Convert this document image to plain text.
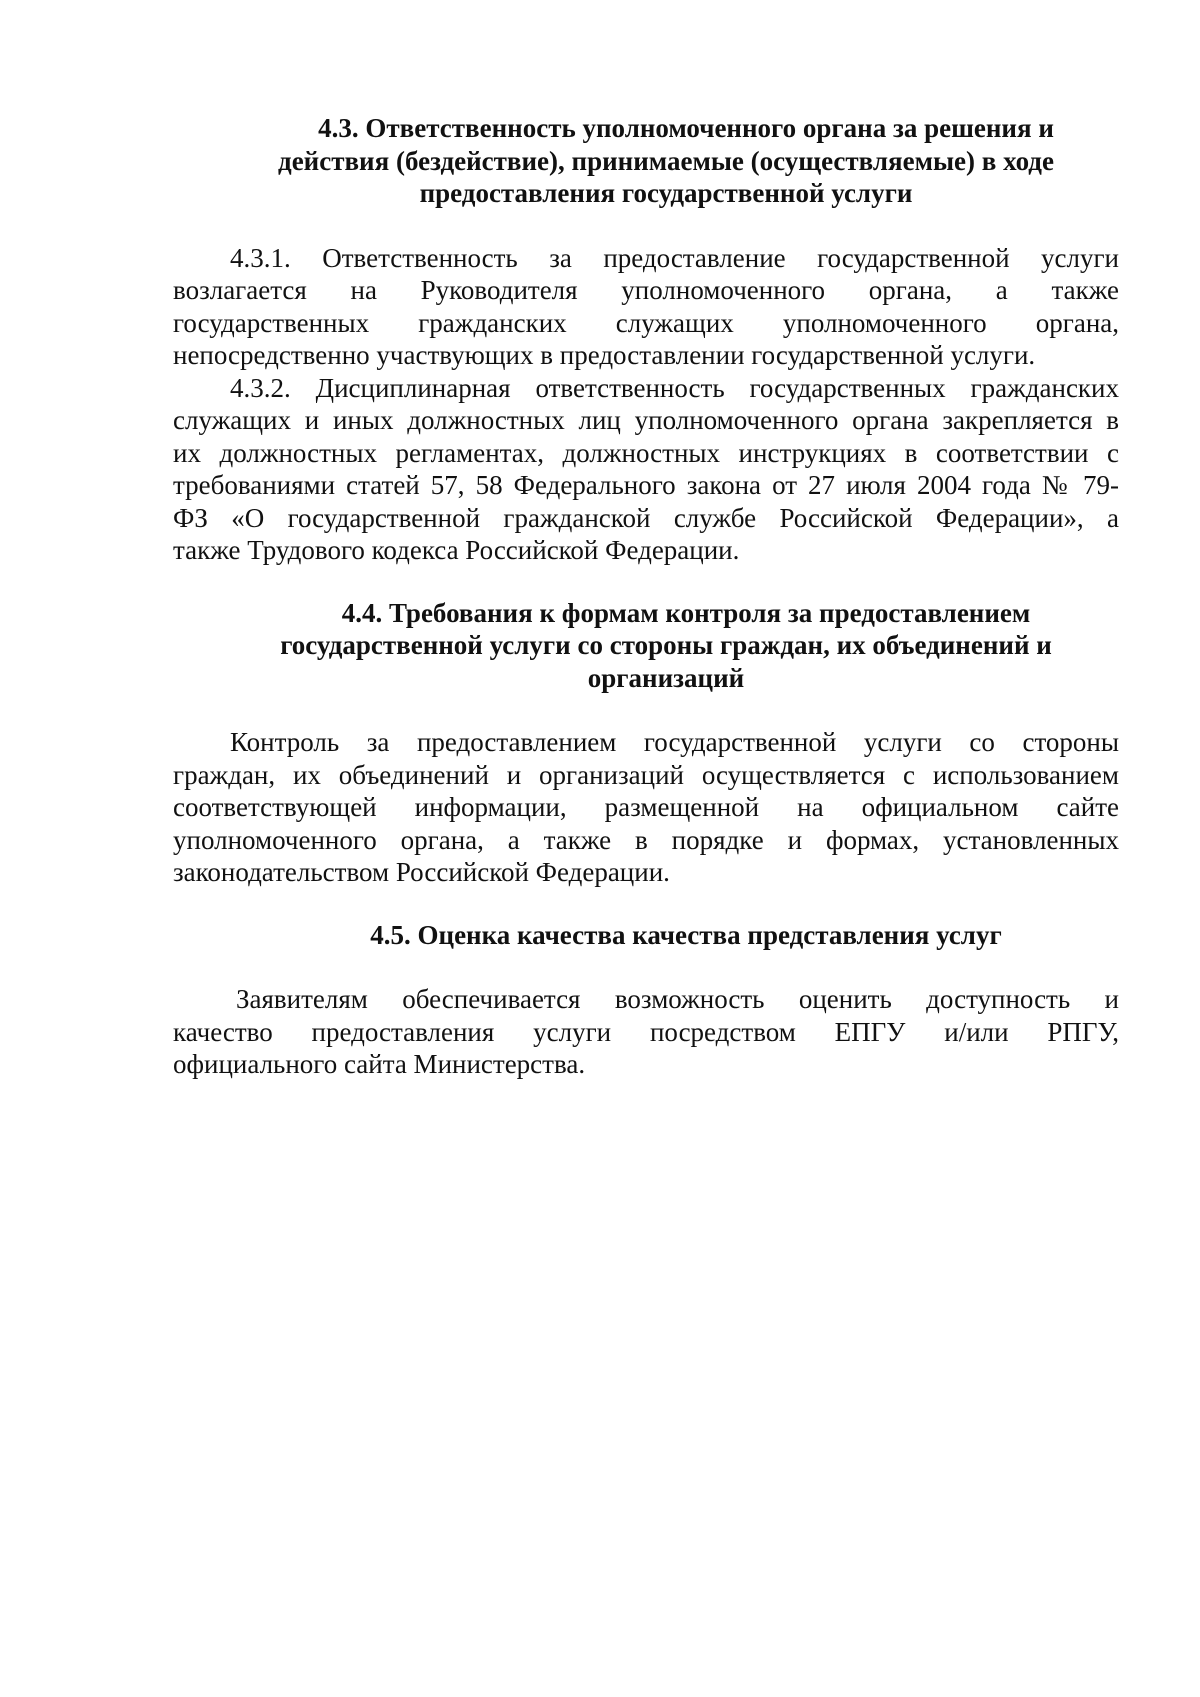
4.3. Ответственность уполномоченного органа за решения и
действия (бездействие), принимаемые (осуществляемые) в ходе
предоставления государственной услуги
4.3.1. Ответственность за предоставление государственной услуги
возлагается на Руководителя уполномоченного органа, а также
государственных гражданских служащих уполномоченного органа,
непосредственно участвующих в предоставлении государственной услуги.
4.3.2. Дисциплинарная ответственность государственных гражданских
служащих и иных должностных лиц уполномоченного органа закрепляется в
их должностных регламентах, должностных инструкциях в соответствии с
требованиями статей 57, 58 Федерального закона от 27 июля 2004 года № 79-
ФЗ «О государственной гражданской службе Российской Федерации», а
также Трудового кодекса Российской Федерации.
4.4. Требования к формам контроля за предоставлением
государственной услуги со стороны граждан, их объединений и
организаций
Контроль за предоставлением государственной услуги со стороны
граждан, их объединений и организаций осуществляется с использованием
соответствующей информации, размещенной на официальном сайте
уполномоченного органа, а также в порядке и формах, установленных
законодательством Российской Федерации.
4.5. Оценка качества качества представления услуг
Заявителям обеспечивается возможность оценить доступность и
качество предоставления услуги посредством ЕПГУ и/или РПГУ,
официального сайта Министерства.
